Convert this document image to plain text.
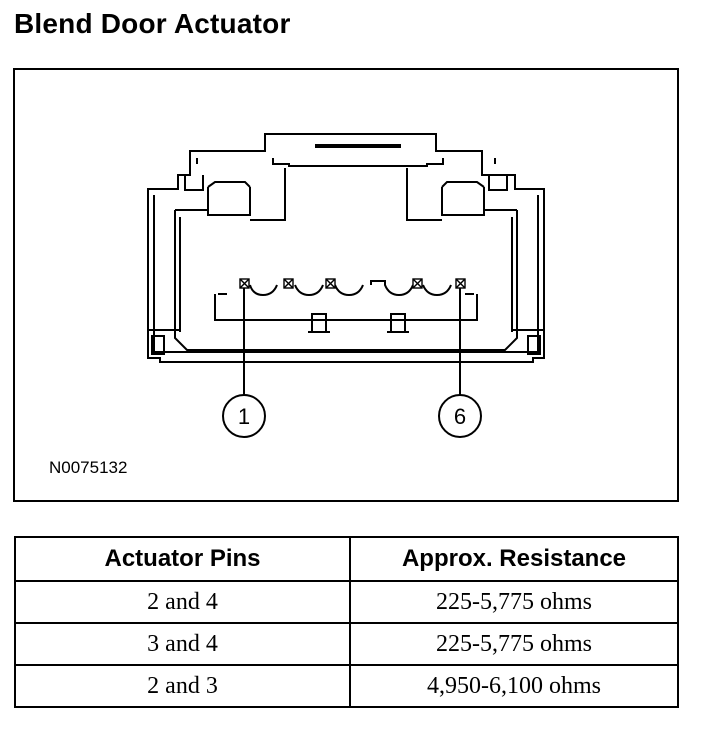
Blend Door Actuator
1	6
N0075132
Actuator Pins	Approx. Resistance
2 and 4	225-5,775 ohms
3 and 4	225-5,775 ohms
2 and 3	4,950-6,100 ohms
